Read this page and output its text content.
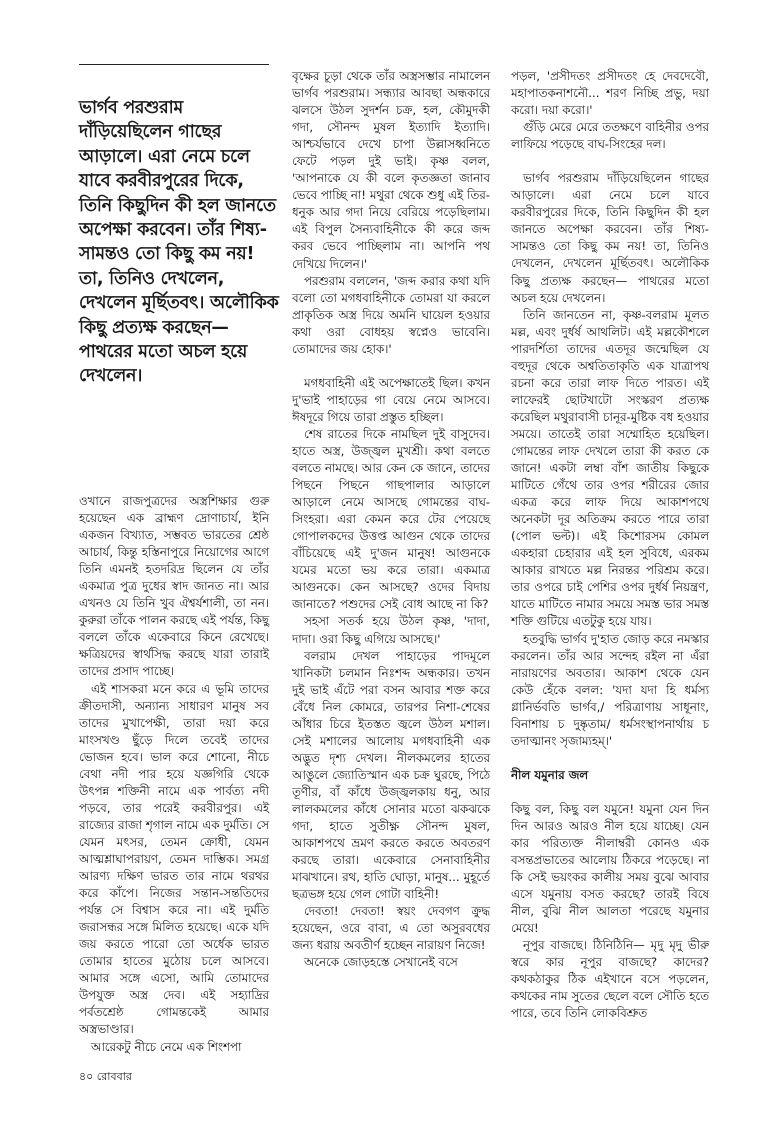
ভার্গব পরশুরাম দাঁড়িয়েছিলেন গাছের আড়ালে। এরা নেমে চলে যাবে করবীরপুরের দিকে, তিনি কিছুদিন কী হল জানতে অপেক্ষা করবেন। তাঁর শিষ্য-সামন্তও তো কিছু কম নয়! তা, তিনিও দেখলেন, দেখলেন মূর্ছিতবৎ। অলৌকিক কিছু প্রত্যক্ষ করছেন— পাথরের মতো অচল হয়ে দেখলেন।

ওখানে রাজপুত্রদের অস্ত্রশিক্ষার গুরু হয়েছেন এক ব্রাহ্মণ দ্রোণাচার্য, ইনি একজন বিখ্যাত, সম্ভবত ভারতের শ্রেষ্ঠ আচার্য, কিন্তু হস্তিনাপুরে নিয়োগের আগে তিনি এমনই হতদরিদ্র ছিলেন যে তাঁর একমাত্র পুত্র দুধের স্বাদ জানত না। আর এখনও যে তিনি খুব ঐশ্বর্যশালী, তা নন। কুরুরা তাঁকে পালন করছে এই পর্যন্ত, কিছু বললে তাঁকে একেবারে কিনে রেখেছে। ক্ষত্রিয়দের স্বার্থসিদ্ধ করছে যারা তারাই তাদের প্রসাদ পাচ্ছে।

এই শাসকরা মনে করে এ ভূমি তাদের ক্রীতদাসী, অন্যান্য সাধারণ মানুষ সব তাদের মুখাপেক্ষী, তারা দয়া করে মাংসখণ্ড ছুঁড়ে দিলে তবেই তাদের ভোজন হবে। ভাল করে শোনো, নীচে বেথা নদী পার হয়ে যজ্ঞগিরি থেকে উৎপন্ন শক্তিনী নামে এক পার্বত্য নদী পড়বে, তার পরেই করবীরপুর। এই রাজ্যের রাজা শৃগাল নামে এক দুর্মতি। সে যেমন মৎসর, তেমন ক্রোধী, যেমন আত্মশ্লাঘাপরায়ণ, তেমন দাম্ভিক। সমগ্র আরণ্য দক্ষিণ ভারত তার নামে থরথর করে কাঁপে। নিজের সন্তান-সন্ততিদের পর্যন্ত সে বিশ্বাস করে না। এই দুর্মতি জরাসন্ধর সঙ্গে মিলিত হয়েছে। একে যদি জয় করতে পারো তো অর্ধেক ভারত তোমার হাতের মুঠোয় চলে আসবে। আমার সঙ্গে এসো, আমি তোমাদের উপযুক্ত অস্ত্র দেব। এই সহ্যাদ্রির পর্বতশ্রেষ্ঠ গোমন্তকেই আমার অস্ত্রভাণ্ডার।

আরেকটু নীচে নেমে এক শিংশপা

বৃক্ষের চূড়া থেকে তাঁর অস্ত্রসম্ভার নামালেন ভার্গব পরশুরাম। সন্ধ্যার আবছা অন্ধকারে ঝলসে উঠল সুদর্শন চক্র, হল, কৌমুদকী গদা, সৌনন্দ মুষল ইত্যাদি ইত্যাদি। আশ্চর্যভাবে দেখে চাপা উল্লাসধ্বনিতে ফেটে পড়ল দুই ভাই। কৃষ্ণ বলল, 'আপনাকে যে কী বলে কৃতজ্ঞতা জানাব ভেবে পাচ্ছি না! মথুরা থেকে শুধু এই তির-ধনুক আর গদা নিয়ে বেরিয়ে পড়েছিলাম। এই বিপুল সৈন্যবাহিনীকে কী করে জব্দ করব ভেবে পাচ্ছিলাম না। আপনি পথ দেখিয়ে দিলেন।'

পরশুরাম বললেন, 'জব্দ করার কথা যদি বলো তো মগধবাহিনীকে তোমরা যা করলে প্রাকৃতিক অস্ত্র দিয়ে অমনি ঘায়েল হওয়ার কথা ওরা বোধহয় স্বপ্নেও ভাবেনি। তোমাদের জয় হোক।'

মগধবাহিনী এই অপেক্ষাতেই ছিল। কখন দু'ভাই পাহাড়ের গা বেয়ে নেমে আসবে। ঈষদূরে গিয়ে তারা প্রস্তুত হচ্ছিল।

শেষ রাতের দিকে নামছিল দুই বাসুদেব। হাতে অস্ত্র, উজ্জ্বল মুখশ্রী। কথা বলতে বলতে নামছে। আর কেন কে জানে, তাদের পিছনে পিছনে গাছপালার আড়ালে আড়ালে নেমে আসছে গোমন্তের বাঘ-সিংহরা। এরা কেমন করে টের পেয়েছে গোপালকদের উত্তপ্ত আগুন থেকে তাদের বাঁচিয়েছে এই দু'জন মানুষ! আগুনকে যমের মতো ভয় করে তারা। একমাত্র আগুনকে। কেন আসছে? ওদের বিদায় জানাতে? পশুদের সেই বোধ আছে না কি?

সহসা সতর্ক হয়ে উঠল কৃষ্ণ, 'দাদা, দাদা। ওরা কিছু এগিয়ে আসছে।'

বলরাম দেখল পাহাড়ের পাদমূলে খানিকটা চলমান নিঃশব্দ অন্ধকার। তখন দুই ভাই এঁটে পরা বসন আবার শক্ত করে বেঁধে নিল কোমরে, তারপর নিশা-শেষের আঁধার চিরে ইতস্তত জ্বলে উঠল মশাল। সেই মশালের আলোয় মগধবাহিনী এক অদ্ভুত দৃশ্য দেখল। নীলকমলের হাতের আঙুলে জ্যোতিস্মান এক চক্র ঘুরছে, পিঠে তূণীর, বাঁ কাঁধে উজ্জ্বলকায় ধনু, আর লালকমলের কাঁধে সোনার মতো ঝকঝকে গদা, হাতে সুতীক্ষ্ণ সৌনন্দ মুষল, আকাশপথে ভ্রমণ করতে করতে অবতরণ করছে তারা। একেবারে সেনাবাহিনীর মাঝখানে। রথ, হাতি ঘোড়া, মানুষ... মুহূর্তে ছত্রভঙ্গ হয়ে গেল গোটা বাহিনী!

দেবতা! দেবতা! স্বয়ং দেবগণ ক্রুদ্ধ হয়েছেন, ওরে বাবা, এ তো অসুরবধের জন্য ধরায় অবতীর্ণ হচ্ছেন নারায়ণ নিজে!

অনেকে জোড়হস্তে সেখানেই বসে

পড়ল, 'প্রসীদতং প্রসীদতং হে দেবদেবৌ, মহাপাতকনাশনৌ... শরণ নিচ্ছি প্রভু, দয়া করো। দয়া করো।'

গুঁড়ি মেরে মেরে ততক্ষণে বাহিনীর ওপর লাফিয়ে পড়েছে বাঘ-সিংহের দল।

ভার্গব পরশুরাম দাঁড়িয়েছিলেন গাছের আড়ালে। এরা নেমে চলে যাবে করবীরপুরের দিকে, তিনি কিছুদিন কী হল জানতে অপেক্ষা করবেন। তাঁর শিষ্য-সামন্তও তো কিছু কম নয়! তা, তিনিও দেখলেন, দেখলেন মূর্ছিতবৎ। অলৌকিক কিছু প্রত্যক্ষ করছেন— পাথরের মতো অচল হয়ে দেখলেন।

তিনি জানতেন না, কৃষ্ণ-বলরাম মূলত মল্ল, এবং দুর্ধর্ষ আথলিট। এই মল্লকৌশলে পারদর্শিতা তাদের এতদূর জন্মেছিল যে বহুদূর থেকে অশ্বতিতাকৃতি এক যাত্রাপথ রচনা করে তারা লাফ দিতে পারত। এই লাফেরই ছোটখাটো সংস্করণ প্রত্যক্ষ করেছিল মথুরাবাসী চানূর-মুষ্টিক বধ হওয়ার সময়ে। তাতেই তারা সম্মোহিত হয়েছিল। গোমন্তের লাফ দেখলে তারা কী করত কে জানে! একটা লম্বা বাঁশ জাতীয় কিছুকে মাটিতে গেঁথে তার ওপর শরীরের জোর একত্র করে লাফ দিয়ে আকাশপথে অনেকটা দূর অতিক্রম করতে পারে তারা (পোল ভল্ট)। এই কিশোরসম কোমল একহারা চেহারার এই হল সুবিধে, এরকম আকার রাখতে মল্ল নিরন্তর পরিশ্রম করে। তার ওপরে চাই পেশির ওপর দুর্ধর্ষ নিয়ন্ত্রণ, যাতে মাটিতে নামার সময়ে সমস্ত ভার সমস্ত শক্তি গুটিয়ে এতটুকু হয়ে যায়।

হতবুদ্ধি ভার্গব দু'হাত জোড় করে নমস্কার করলেন। তাঁর আর সন্দেহ রইল না এঁরা নারায়ণের অবতার। আকাশ থেকে যেন কেউ হেঁকে বলল: 'যদা যদা হি ধর্মস্য গ্লানির্ভবতি ভার্গব,/ পরিত্রাণায় সাধূনাং, বিনাশায় চ দুষ্কৃতাম/ ধর্মসংস্থাপনার্থায় চ তদাত্মানং সৃজাম্যহম্‌।'

নীল যমুনার জল

কিছু বল, কিছু বল যমুনে! যমুনা যেন দিন দিন আরও আরও নীল হয়ে যাচ্ছে। যেন কার পরিত্যক্ত নীলাম্বরী কোনও এক বসন্তপ্রভাতের আলোয় ঠিকরে পড়েছে। না কি সেই ভয়ংকর কালীয় সময় বুঝে আবার এসে যমুনায় বসত করছে? তারই বিষে নীল, বুঝি নীল আলতা পরেছে যমুনার মেয়ে!

নূপুর বাজছে। ঠিনিঠিনি— মৃদু মৃদু ভীরু স্বরে কার নূপুর বাজছে? কাদের? কথকঠাকুর ঠিক এইখানে বসে পড়লেন, কথকের নাম সুতের ছেলে বলে সৌতি হতে পারে, তবে তিনি লোকবিশ্রুত

৪০ রোববার
